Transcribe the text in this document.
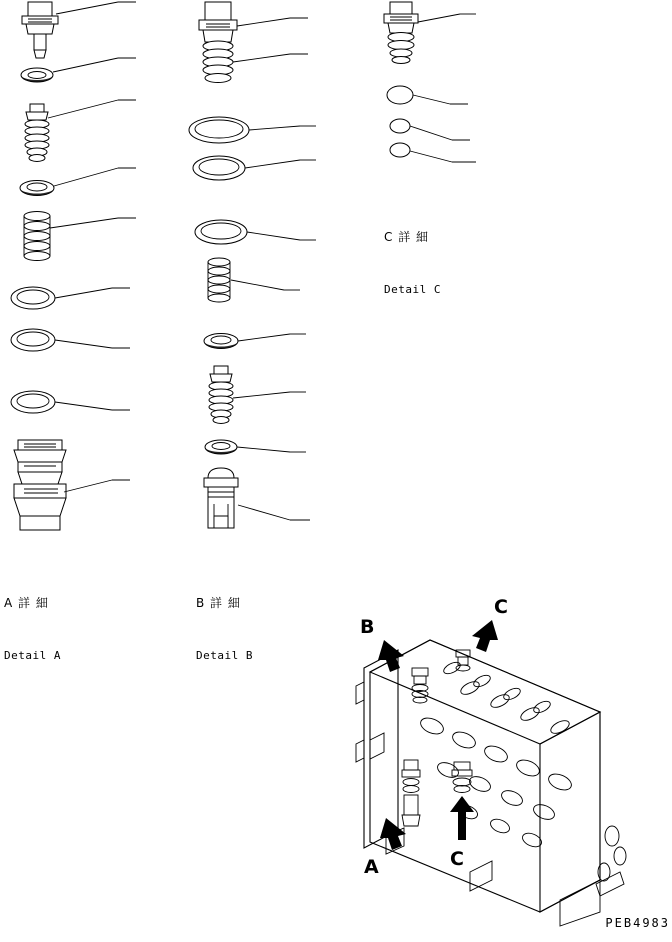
A 詳 細

Detail A

B 詳 細

Detail B

C 詳 細

Detail C

B
C
A	C
PEB4983
